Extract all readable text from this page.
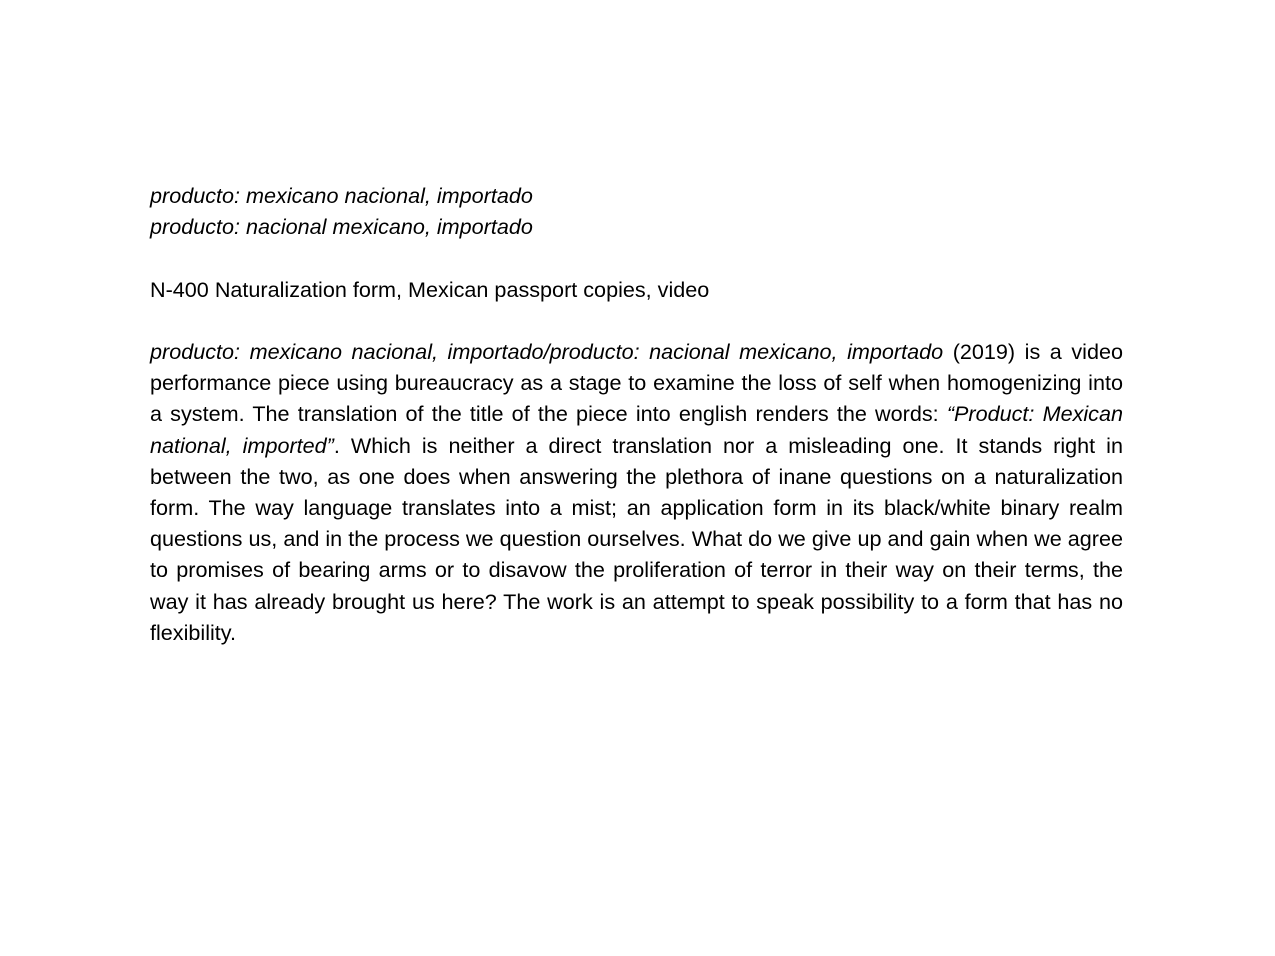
producto: mexicano nacional, importado
producto: nacional mexicano, importado
N-400 Naturalization form, Mexican passport copies, video

producto: mexicano nacional, importado/producto: nacional mexicano, importado (2019) is a video performance piece using bureaucracy as a stage to examine the loss of self when homogenizing into a system. The translation of the title of the piece into english renders the words: “Product: Mexican national, imported”. Which is neither a direct translation nor a misleading one. It stands right in between the two, as one does when answering the plethora of inane questions on a naturalization form. The way language translates into a mist; an application form in its black/white binary realm questions us, and in the process we question ourselves. What do we give up and gain when we agree to promises of bearing arms or to disavow the proliferation of terror in their way on their terms, the way it has already brought us here? The work is an attempt to speak possibility to a form that has no flexibility.
